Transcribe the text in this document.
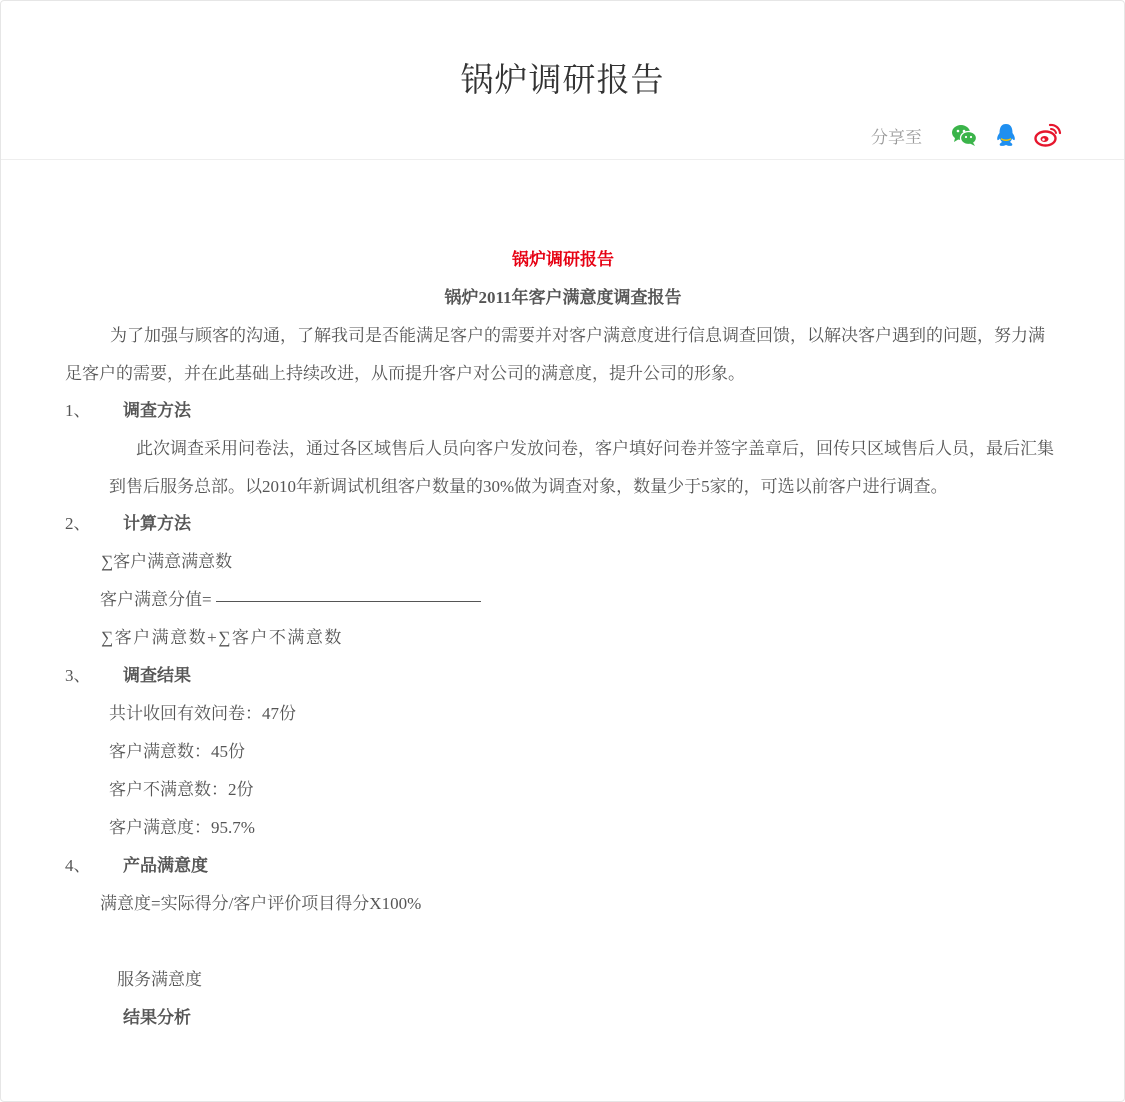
锅炉调研报告
分享至
锅炉调研报告
锅炉2011年客户满意度调查报告
为了加强与顾客的沟通，了解我司是否能满足客户的需要并对客户满意度进行信息调查回馈，以解决客户遇到的问题，努力满足客户的需要，并在此基础上持续改进，从而提升客户对公司的满意度，提升公司的形象。
1、 调查方法
此次调查采用问卷法，通过各区域售后人员向客户发放问卷，客户填好问卷并签字盖章后，回传只区域售后人员，最后汇集到售后服务总部。以2010年新调试机组客户数量的30%做为调查对象，数量少于5家的，可选以前客户进行调查。
2、 计算方法
∑客户满意满意数
客户满意分值=
∑客户满意数+∑客户不满意数
3、 调查结果
共计收回有效问卷：47份
客户满意数：45份
客户不满意数：2份
客户满意度：95.7%
4、 产品满意度
满意度=实际得分/客户评价项目得分X100%
服务满意度
结果分析
